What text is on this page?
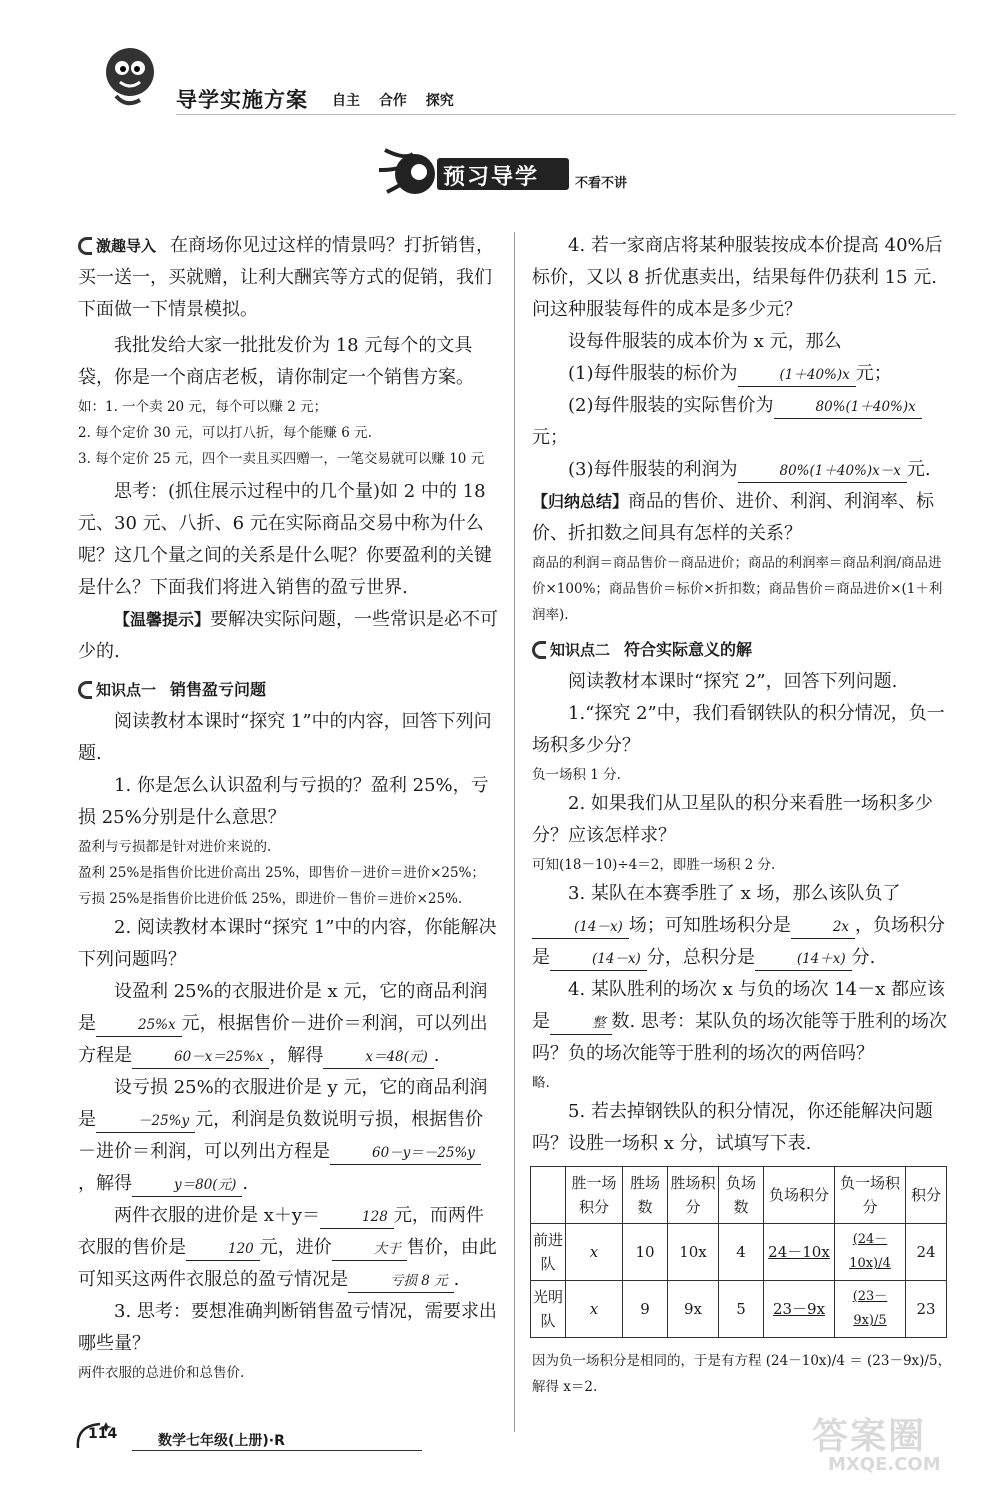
导学实施方案 自主 合作 探究
预习导学	不看不讲

激趣导入 在商场你见过这样的情景吗？打折销售，买一送一，买就赠，让利大酬宾等方式的促销，我们下面做一下情景模拟。

我批发给大家一批批发价为 18 元每个的文具袋，你是一个商店老板，请你制定一个销售方案。

如：1. 一个卖 20 元，每个可以赚 2 元；

2. 每个定价 30 元，可以打八折，每个能赚 6 元.

3. 每个定价 25 元，四个一卖且买四赠一，一笔交易就可以赚 10 元

思考：(抓住展示过程中的几个量)如 2 中的 18 元、30 元、八折、6 元在实际商品交易中称为什么呢？这几个量之间的关系是什么呢？你要盈利的关键是什么？下面我们将进入销售的盈亏世界.

【温馨提示】要解决实际问题，一些常识是必不可少的.

知识点一 销售盈亏问题

阅读教材本课时“探究 1”中的内容，回答下列问题.

1. 你是怎么认识盈利与亏损的？盈利 25%，亏损 25%分别是什么意思？

盈利与亏损都是针对进价来说的.

盈利 25%是指售价比进价高出 25%，即售价－进价＝进价×25%；

亏损 25%是指售价比进价低 25%，即进价－售价＝进价×25%.

2. 阅读教材本课时“探究 1”中的内容，你能解决下列问题吗？

设盈利 25%的衣服进价是 x 元，它的商品利润是	25%x 元，根据售价－进价＝利润，可以列出方程是	60－x＝25%x ，解得	x＝48(元) .

设亏损 25%的衣服进价是 y 元，它的商品利润是	－25%y 元，利润是负数说明亏损，根据售价－进价＝利润，可以列出方程是	60－y＝－25%y，解得	y＝80(元) .

两件衣服的进价是 x＋y＝	128 元，而两件衣服的售价是	120 元，进价	大于 售价，由此可知买这两件衣服总的盈亏情况是	亏损 8 元 .

3. 思考：要想准确判断销售盈亏情况，需要求出哪些量？

两件衣服的总进价和总售价.

4. 若一家商店将某种服装按成本价提高 40%后标价，又以 8 折优惠卖出，结果每件仍获利 15 元. 问这种服装每件的成本是多少元？

设每件服装的成本价为 x 元，那么

(1)每件服装的标价为	(1＋40%)x 元；

(2)每件服装的实际售价为	80%(1＋40%)x元；

(3)每件服装的利润为	80%(1＋40%)x－x 元.

【归纳总结】商品的售价、进价、利润、利润率、标价、折扣数之间具有怎样的关系？

商品的利润＝商品售价－商品进价；商品的利润率＝商品利润/商品进价×100%；商品售价＝标价×折扣数；商品售价＝商品进价×(1＋利润率).

知识点二 符合实际意义的解

阅读教材本课时“探究 2”，回答下列问题.

1.“探究 2”中，我们看钢铁队的积分情况，负一场积多少分？

负一场积 1 分.

2. 如果我们从卫星队的积分来看胜一场积多少分？应该怎样求？

可知(18－10)÷4＝2，即胜一场积 2 分.

3. 某队在本赛季胜了 x 场，那么该队负了(14－x) 场；可知胜场积分是	2x ，负场积分是	(14－x) 分，总积分是	(14＋x) 分.

4. 某队胜利的场次 x 与负的场次 14－x 都应该是	整 数. 思考：某队负的场次能等于胜利的场次吗？负的场次能等于胜利的场次的两倍吗？

略.

5. 若去掉钢铁队的积分情况，你还能解决问题吗？设胜一场积 x 分，试填写下表.

	胜一场积分	胜场数	胜场积分	负场数	负场积分	负一场积分	积分
前进队	x	10	10x	4	24－10x	(24－10x)/4	24
光明队	x	9	9x	5	23－9x	(23－9x)/5	23

因为负一场积分是相同的，于是有方程 (24－10x)/4 ＝ (23－9x)/5，解得 x＝2.

114	数学七年级(上册)·R	答案圈
MXQE.COM
